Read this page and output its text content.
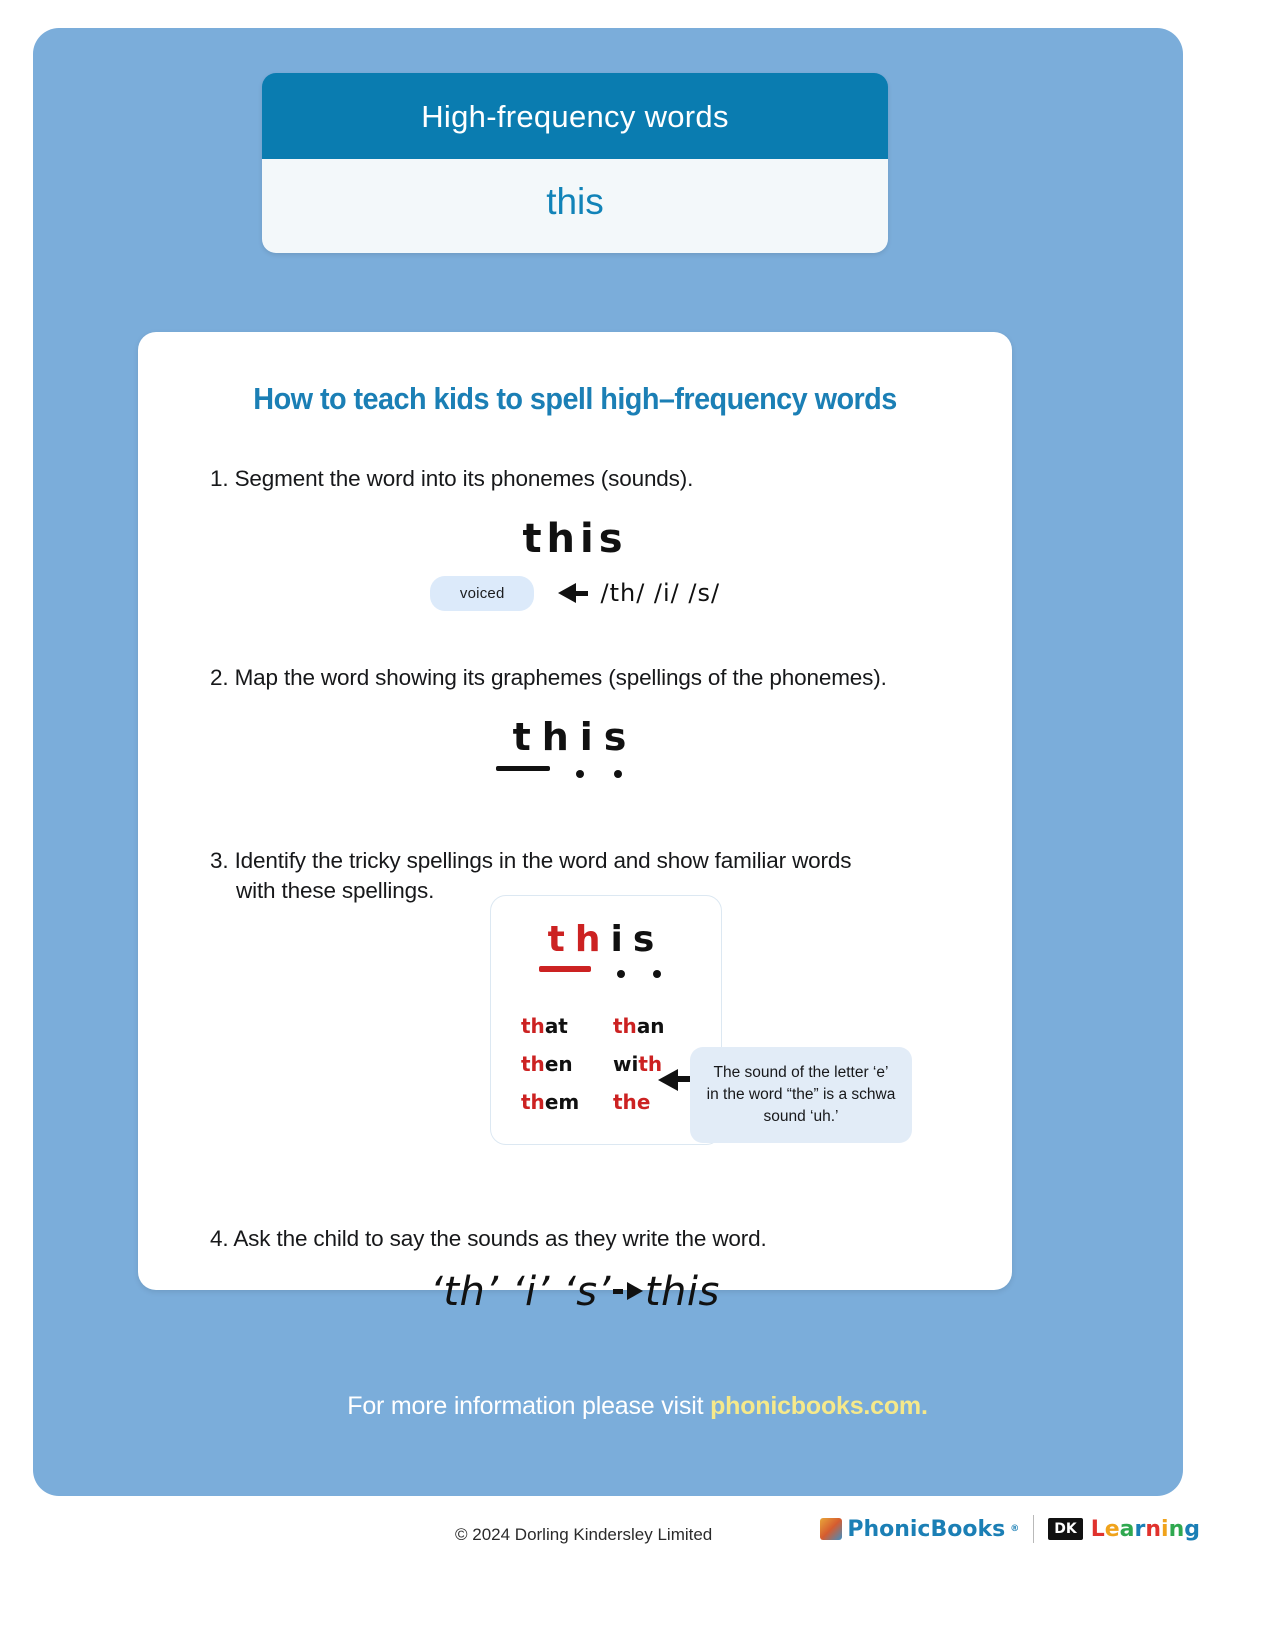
High-frequency words
this
How to teach kids to spell high–frequency words
1. Segment the word into its phonemes (sounds).
this
voiced	/th/ /i/ /s/
2. Map the word showing its graphemes (spellings of the phonemes).
this
3. Identify the tricky spellings in the word and show familiar words
with these spellings.
this
that	than
then	with
them	the
The sound of the letter ‘e’ in the word “the” is a schwa sound ‘uh.’
4. Ask the child to say the sounds as they write the word.
‘th’ ‘i’ ‘s’ this
For more information please visit phonicbooks.com.
© 2024 Dorling Kindersley Limited	PhonicBooks ®	DK Learning
